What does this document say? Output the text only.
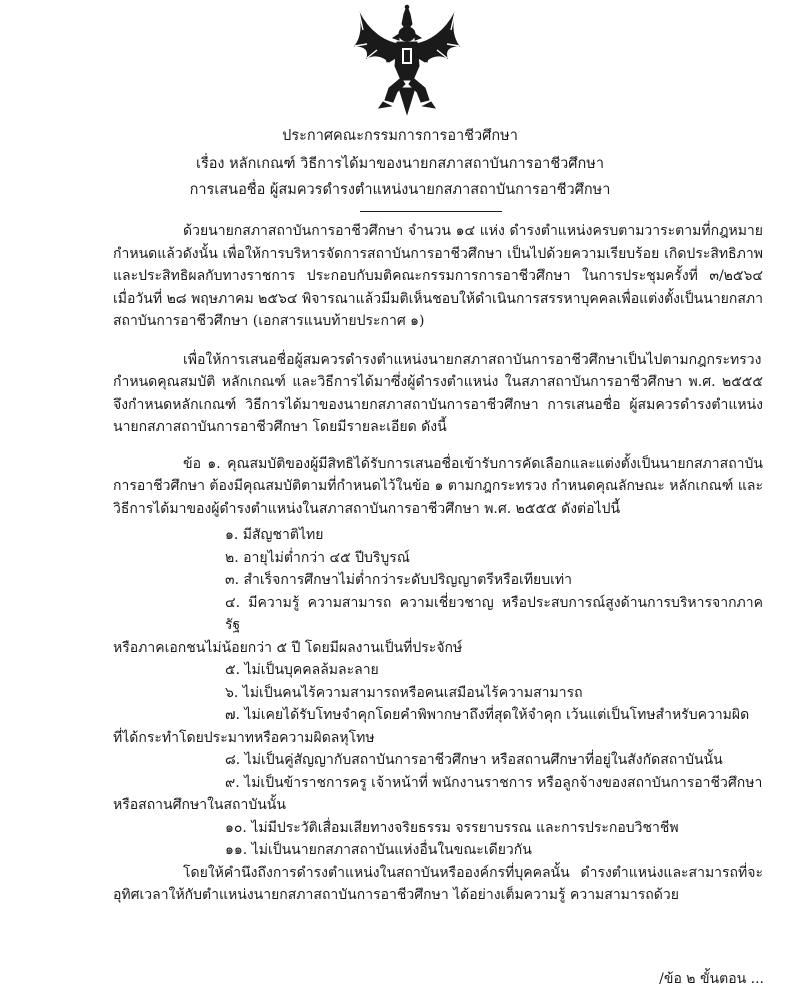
ประกาศคณะกรรมการการอาชีวศึกษา
เรื่อง หลักเกณฑ์ วิธีการได้มาของนายกสภาสถาบันการอาชีวศึกษา
การเสนอชื่อ ผู้สมควรดำรงตำแหน่งนายกสภาสถาบันการอาชีวศึกษา

ด้วยนายกสภาสถาบันการอาชีวศึกษา จำนวน ๑๔ แห่ง ดำรงตำแหน่งครบตามวาระตามที่กฎหมายกำหนดแล้วดังนั้น เพื่อให้การบริหารจัดการสถาบันการอาชีวศึกษา เป็นไปด้วยความเรียบร้อย เกิดประสิทธิภาพและประสิทธิผลกับทางราชการ ประกอบกับมติคณะกรรมการการอาชีวศึกษา ในการประชุมครั้งที่ ๓/๒๕๖๔ เมื่อวันที่ ๒๘ พฤษภาคม ๒๕๖๔ พิจารณาแล้วมีมติเห็นชอบให้ดำเนินการสรรหาบุคคลเพื่อแต่งตั้งเป็นนายกสภาสถาบันการอาชีวศึกษา (เอกสารแนบท้ายประกาศ ๑)

เพื่อให้การเสนอชื่อผู้สมควรดำรงตำแหน่งนายกสภาสถาบันการอาชีวศึกษาเป็นไปตามกฎกระทรวงกำหนดคุณสมบัติ หลักเกณฑ์ และวิธีการได้มาซึ่งผู้ดำรงตำแหน่ง ในสภาสถาบันการอาชีวศึกษา พ.ศ. ๒๕๕๕ จึงกำหนดหลักเกณฑ์ วิธีการได้มาของนายกสภาสถาบันการอาชีวศึกษา การเสนอชื่อ ผู้สมควรดำรงตำแหน่งนายกสภาสถาบันการอาชีวศึกษา โดยมีรายละเอียด ดังนี้

ข้อ ๑. คุณสมบัติของผู้มีสิทธิได้รับการเสนอชื่อเข้ารับการคัดเลือกและแต่งตั้งเป็นนายกสภาสถาบันการอาชีวศึกษา ต้องมีคุณสมบัติตามที่กำหนดไว้ในข้อ ๑ ตามกฎกระทรวง กำหนดคุณลักษณะ หลักเกณฑ์ และวิธีการได้มาของผู้ดำรงตำแหน่งในสภาสถาบันการอาชีวศึกษา พ.ศ. ๒๕๕๕ ดังต่อไปนี้

๑. มีสัญชาติไทย
๒. อายุไม่ต่ำกว่า ๔๕ ปีบริบูรณ์
๓. สำเร็จการศึกษาไม่ต่ำกว่าระดับปริญญาตรีหรือเทียบเท่า
๔. มีความรู้ ความสามารถ ความเชี่ยวชาญ หรือประสบการณ์สูงด้านการบริหารจากภาครัฐ
หรือภาคเอกชนไม่น้อยกว่า ๕ ปี โดยมีผลงานเป็นที่ประจักษ์
๕. ไม่เป็นบุคคลล้มละลาย
๖. ไม่เป็นคนไร้ความสามารถหรือคนเสมือนไร้ความสามารถ
๗. ไม่เคยได้รับโทษจำคุกโดยคำพิพากษาถึงที่สุดให้จำคุก เว้นแต่เป็นโทษสำหรับความผิด
ที่ได้กระทำโดยประมาทหรือความผิดลหุโทษ
๘. ไม่เป็นคู่สัญญากับสถาบันการอาชีวศึกษา หรือสถานศึกษาที่อยู่ในสังกัดสถาบันนั้น
๙. ไม่เป็นข้าราชการครู เจ้าหน้าที่ พนักงานราชการ หรือลูกจ้างของสถาบันการอาชีวศึกษา
หรือสถานศึกษาในสถาบันนั้น
๑๐. ไม่มีประวัติเสื่อมเสียทางจริยธรรม จรรยาบรรณ และการประกอบวิชาชีพ
๑๑. ไม่เป็นนายกสภาสถาบันแห่งอื่นในขณะเดียวกัน

โดยให้คำนึงถึงการดำรงตำแหน่งในสถาบันหรือองค์กรที่บุคคลนั้น ดำรงตำแหน่งและสามารถที่จะอุทิศเวลาให้กับตำแหน่งนายกสภาสถาบันการอาชีวศึกษา ได้อย่างเต็มความรู้ ความสามารถด้วย

/ข้อ ๒ ขั้นตอน ...
